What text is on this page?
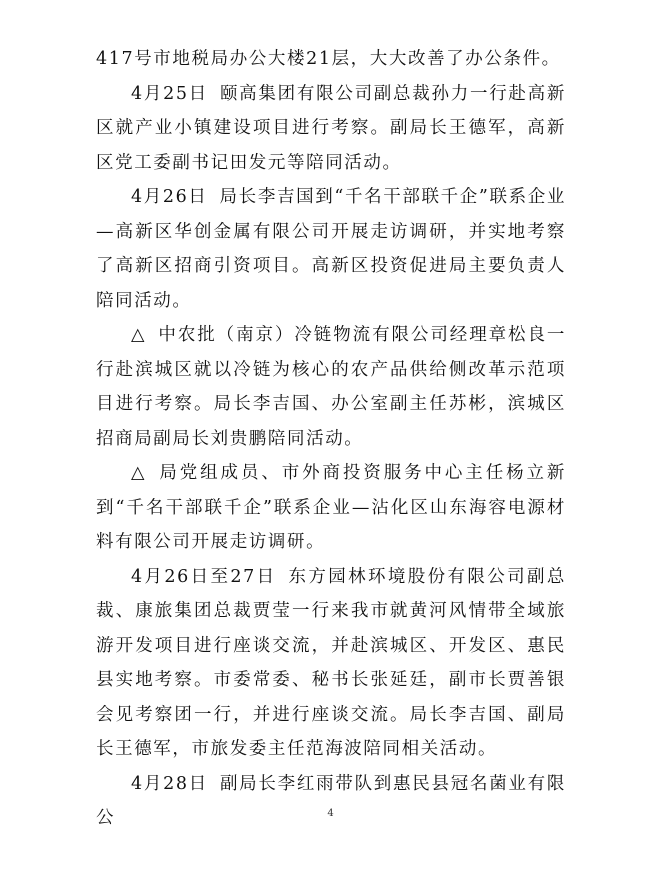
417号市地税局办公大楼21层，大大改善了办公条件。

4月25日 颐高集团有限公司副总裁孙力一行赴高新区就产业小镇建设项目进行考察。副局长王德军，高新区党工委副书记田发元等陪同活动。

4月26日 局长李吉国到“千名干部联千企”联系企业—高新区华创金属有限公司开展走访调研，并实地考察了高新区招商引资项目。高新区投资促进局主要负责人陪同活动。

△ 中农批（南京）冷链物流有限公司经理章松良一行赴滨城区就以冷链为核心的农产品供给侧改革示范项目进行考察。局长李吉国、办公室副主任苏彬，滨城区招商局副局长刘贵鹏陪同活动。

△ 局党组成员、市外商投资服务中心主任杨立新到“千名干部联千企”联系企业—沾化区山东海容电源材料有限公司开展走访调研。

4月26日至27日 东方园林环境股份有限公司副总裁、康旅集团总裁贾莹一行来我市就黄河风情带全域旅游开发项目进行座谈交流，并赴滨城区、开发区、惠民县实地考察。市委常委、秘书长张延廷，副市长贾善银会见考察团一行，并进行座谈交流。局长李吉国、副局长王德军，市旅发委主任范海波陪同相关活动。

4月28日 副局长李红雨带队到惠民县冠名菌业有限公	4
